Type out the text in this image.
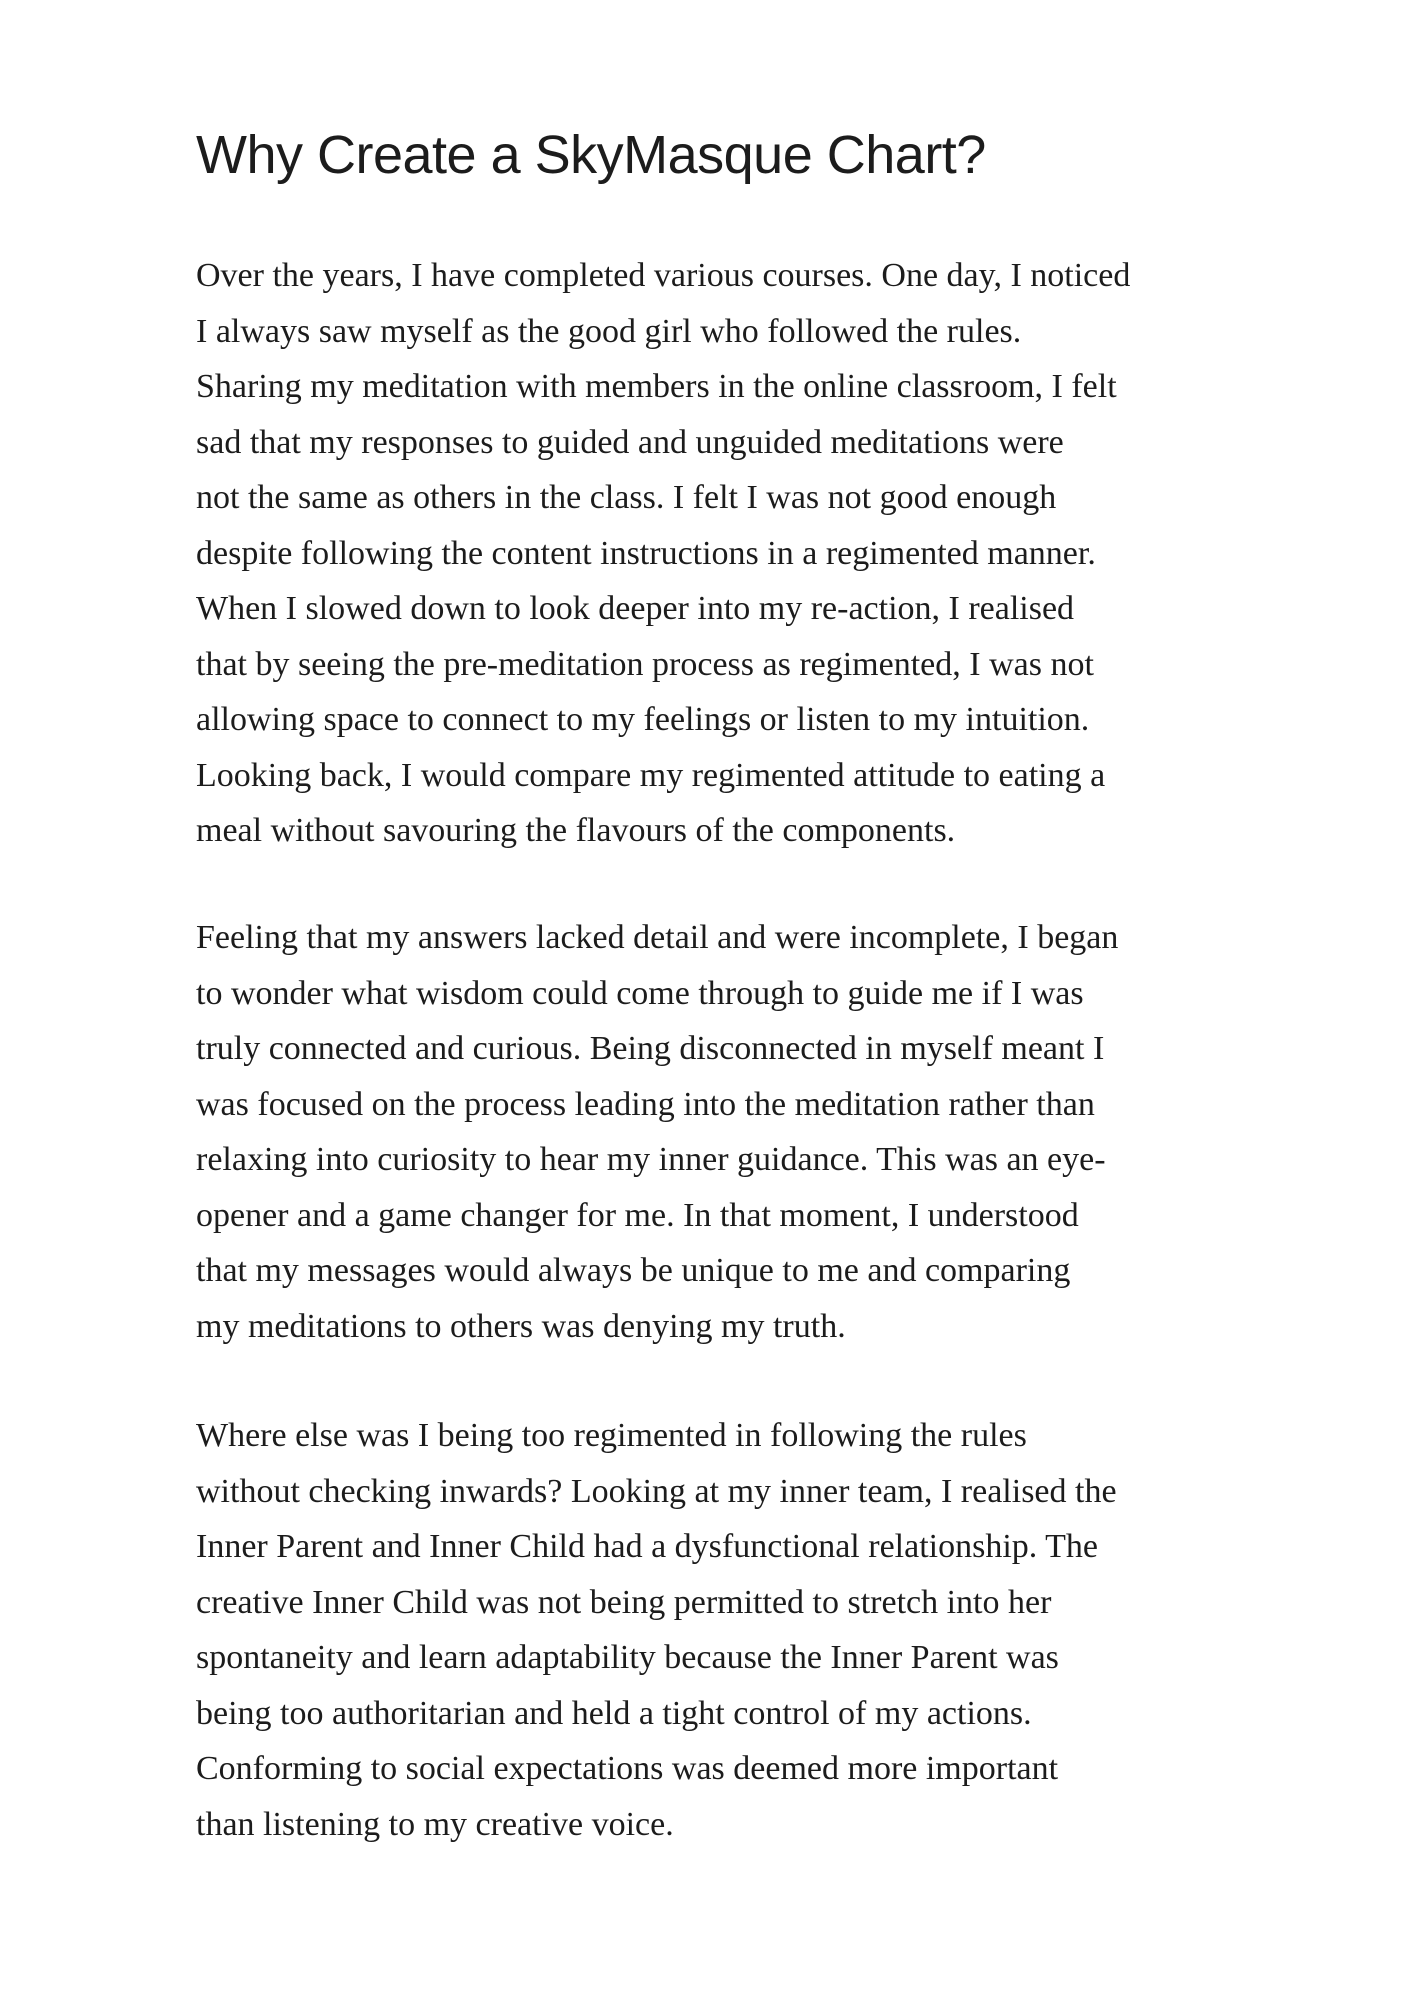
Why Create a SkyMasque Chart?

Over the years, I have completed various courses. One day, I noticed
I always saw myself as the good girl who followed the rules.
Sharing my meditation with members in the online classroom, I felt
sad that my responses to guided and unguided meditations were
not the same as others in the class. I felt I was not good enough
despite following the content instructions in a regimented manner.
When I slowed down to look deeper into my re-action, I realised
that by seeing the pre-meditation process as regimented, I was not
allowing space to connect to my feelings or listen to my intuition.
Looking back, I would compare my regimented attitude to eating a
meal without savouring the flavours of the components.

Feeling that my answers lacked detail and were incomplete, I began
to wonder what wisdom could come through to guide me if I was
truly connected and curious. Being disconnected in myself meant I
was focused on the process leading into the meditation rather than
relaxing into curiosity to hear my inner guidance. This was an eye-
opener and a game changer for me. In that moment, I understood
that my messages would always be unique to me and comparing
my meditations to others was denying my truth.

Where else was I being too regimented in following the rules
without checking inwards? Looking at my inner team, I realised the
Inner Parent and Inner Child had a dysfunctional relationship. The
creative Inner Child was not being permitted to stretch into her
spontaneity and learn adaptability because the Inner Parent was
being too authoritarian and held a tight control of my actions.
Conforming to social expectations was deemed more important
than listening to my creative voice.
